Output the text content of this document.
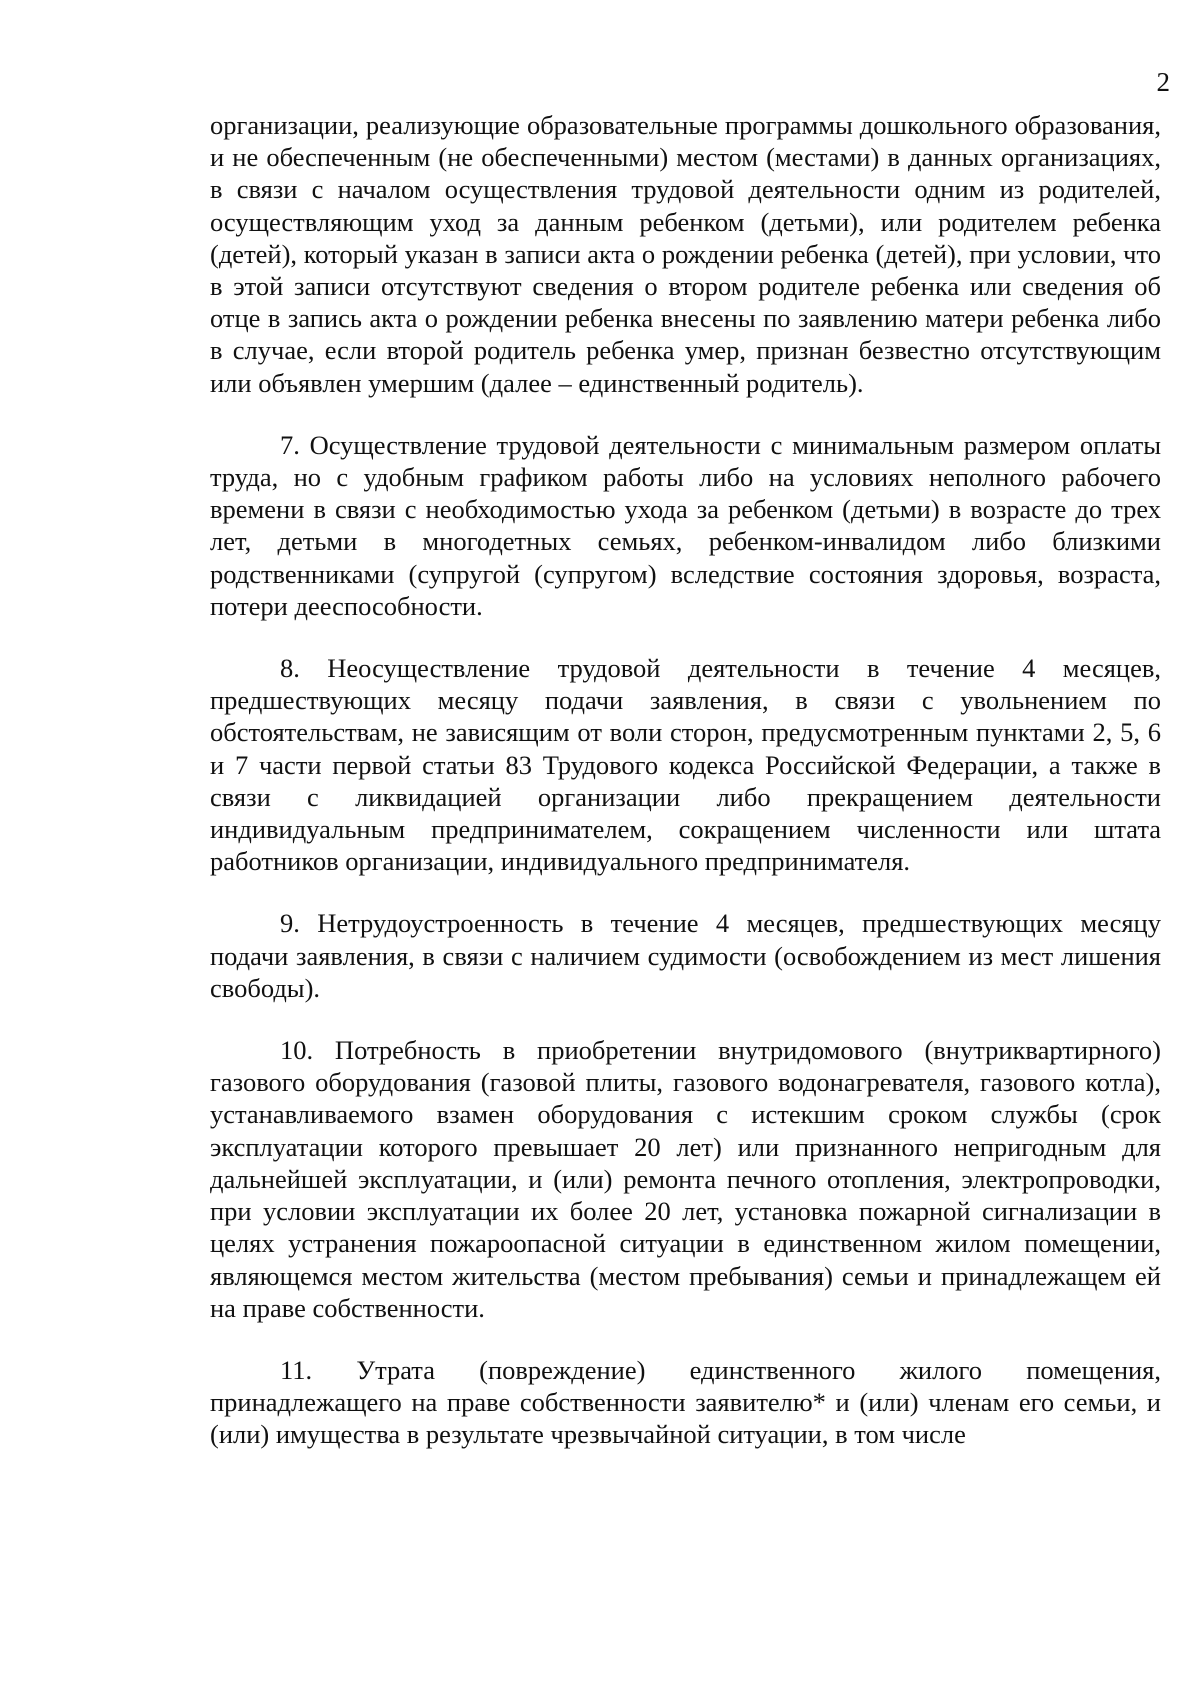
2

организации, реализующие образовательные программы дошкольного образования, и не обеспеченным (не обеспеченными) местом (местами) в данных организациях, в связи с началом осуществления трудовой деятельности одним из родителей, осуществляющим уход за данным ребенком (детьми), или родителем ребенка (детей), который указан в записи акта о рождении ребенка (детей), при условии, что в этой записи отсутствуют сведения о втором родителе ребенка или сведения об отце в запись акта о рождении ребенка внесены по заявлению матери ребенка либо в случае, если второй родитель ребенка умер, признан безвестно отсутствующим или объявлен умершим (далее – единственный родитель).

7. Осуществление трудовой деятельности с минимальным размером оплаты труда, но с удобным графиком работы либо на условиях неполного рабочего времени в связи с необходимостью ухода за ребенком (детьми) в возрасте до трех лет, детьми в многодетных семьях, ребенком-инвалидом либо близкими родственниками (супругой (супругом) вследствие состояния здоровья, возраста, потери дееспособности.

8. Неосуществление трудовой деятельности в течение 4 месяцев, предшествующих месяцу подачи заявления, в связи с увольнением по обстоятельствам, не зависящим от воли сторон, предусмотренным пунктами 2, 5, 6 и 7 части первой статьи 83 Трудового кодекса Российской Федерации, а также в связи с ликвидацией организации либо прекращением деятельности индивидуальным предпринимателем, сокращением численности или штата работников организации, индивидуального предпринимателя.

9. Нетрудоустроенность в течение 4 месяцев, предшествующих месяцу подачи заявления, в связи с наличием судимости (освобождением из мест лишения свободы).

10. Потребность в приобретении внутридомового (внутриквартирного) газового оборудования (газовой плиты, газового водонагревателя, газового котла), устанавливаемого взамен оборудования с истекшим сроком службы (срок эксплуатации которого превышает 20 лет) или признанного непригодным для дальнейшей эксплуатации, и (или) ремонта печного отопления, электропроводки, при условии эксплуатации их более 20 лет, установка пожарной сигнализации в целях устранения пожароопасной ситуации в единственном жилом помещении, являющемся местом жительства (местом пребывания) семьи и принадлежащем ей на праве собственности.

11. Утрата (повреждение) единственного жилого помещения, принадлежащего на праве собственности заявителю* и (или) членам его семьи, и (или) имущества в результате чрезвычайной ситуации, в том числе
